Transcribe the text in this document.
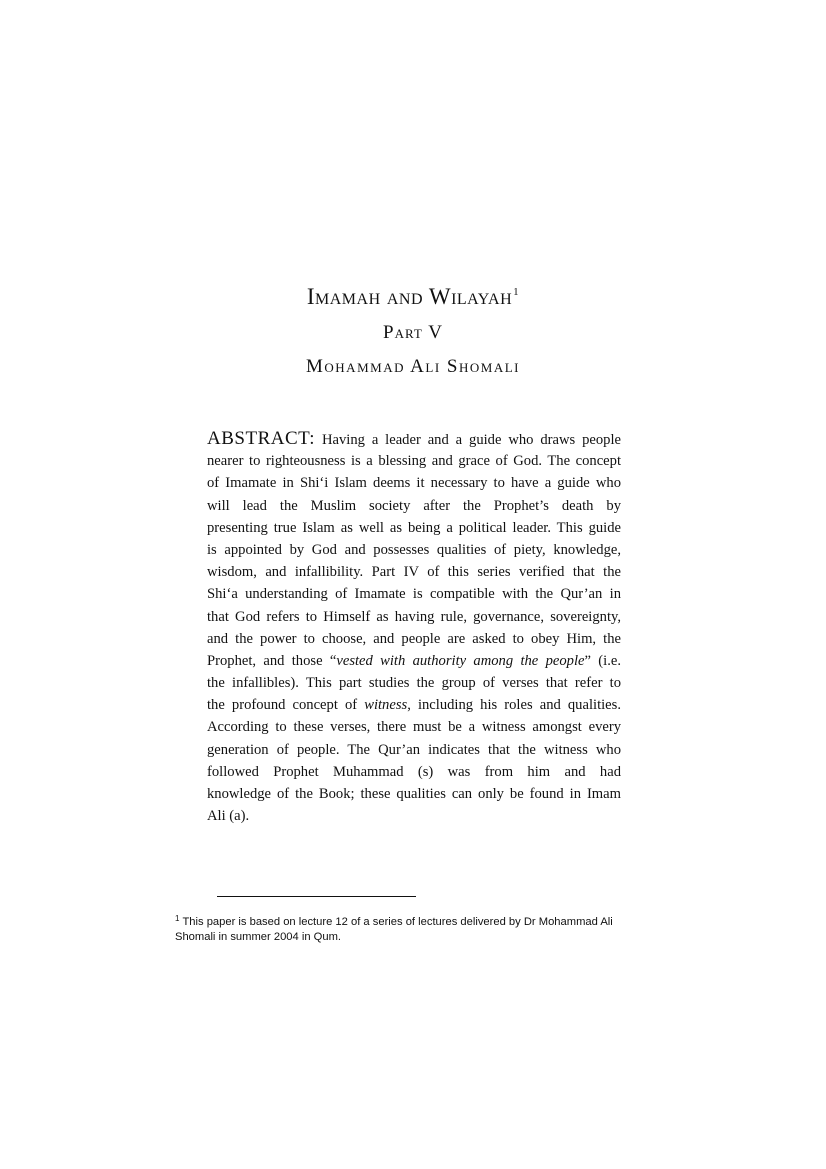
Imamah and Wilayah$^1$
Part V
Mohammad Ali Shomali
ABSTRACT: Having a leader and a guide who draws people
nearer to righteousness is a blessing and grace of God. The concept
of Imamate in Shi‘i Islam deems it necessary to have a guide who
will lead the Muslim society after the Prophet’s death by
presenting true Islam as well as being a political leader. This guide
is appointed by God and possesses qualities of piety, knowledge,
wisdom, and infallibility. Part IV of this series verified that the
Shi‘a understanding of Imamate is compatible with the Qur’an in
that God refers to Himself as having rule, governance, sovereignty,
and the power to choose, and people are asked to obey Him, the
Prophet, and those “vested with authority among the people” (i.e.
the infallibles). This part studies the group of verses that refer to
the profound concept of witness, including his roles and qualities.
According to these verses, there must be a witness amongst every
generation of people. The Qur’an indicates that the witness who
followed Prophet Muhammad (s) was from him and had
knowledge of the Book; these qualities can only be found in Imam
Ali (a).
$^1$ This paper is based on lecture 12 of a series of lectures delivered by Dr Mohammad Ali Shomali in summer 2004 in Qum.
